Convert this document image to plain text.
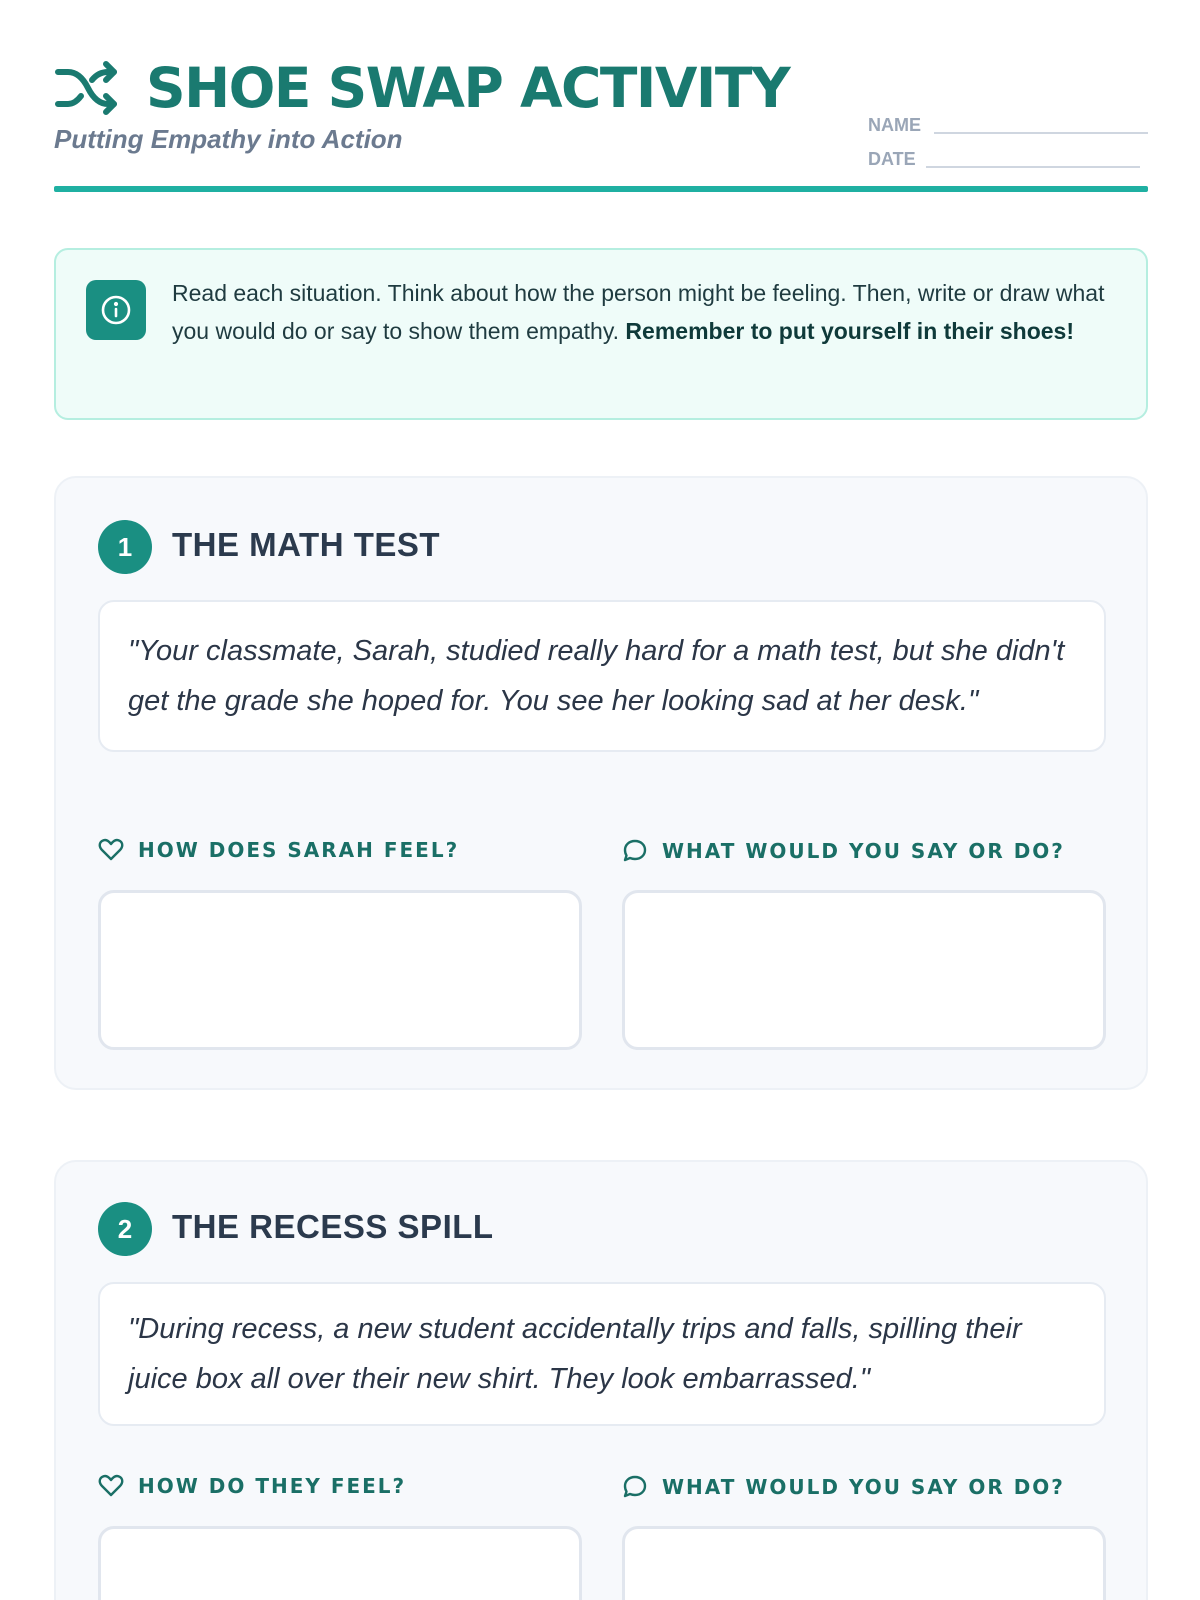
SHOE SWAP ACTIVITY
Putting Empathy into Action	NAME
DATE
Read each situation. Think about how the person might be feeling. Then, write or draw what you would do or say to show them empathy. Remember to put yourself in their shoes!
1	THE MATH TEST
"Your classmate, Sarah, studied really hard for a math test, but she didn't get the grade she hoped for. You see her looking sad at her desk."
HOW DOES SARAH FEEL?	WHAT WOULD YOU SAY OR DO?
2	THE RECESS SPILL
"During recess, a new student accidentally trips and falls, spilling their juice box all over their new shirt. They look embarrassed."
HOW DO THEY FEEL?	WHAT WOULD YOU SAY OR DO?
